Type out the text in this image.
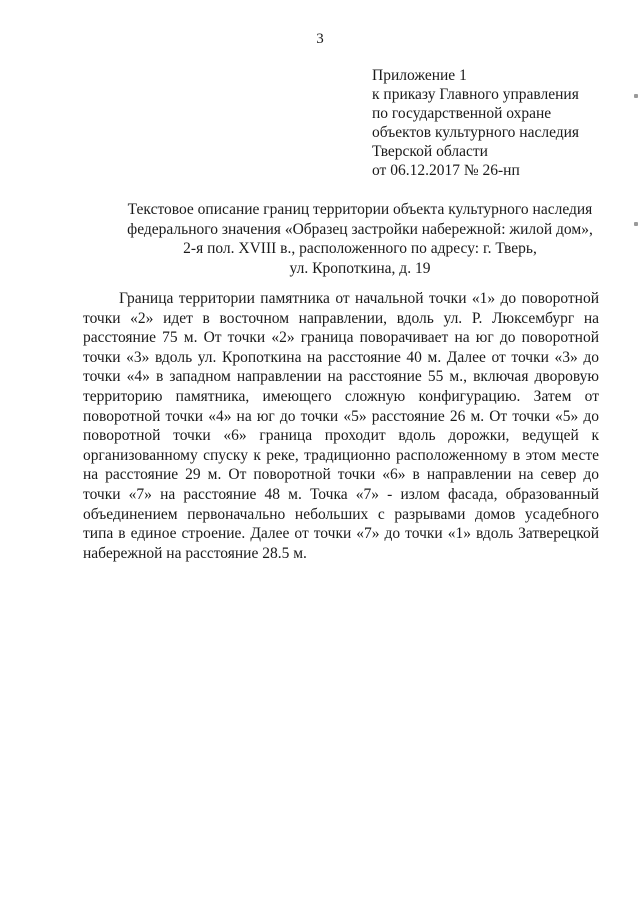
3
Приложение 1
к приказу Главного управления
по государственной охране
объектов культурного наследия
Тверской области
от 06.12.2017 № 26-нп
Текстовое описание границ территории объекта культурного наследия
федерального значения «Образец застройки набережной: жилой дом»,
2-я пол. XVIII в., расположенного по адресу: г. Тверь,
ул. Кропоткина, д. 19
Граница территории памятника от начальной точки «1» до поворотной
точки «2» идет в восточном направлении, вдоль ул. Р. Люксембург на
расстояние 75 м. От точки «2» граница поворачивает на юг до поворотной
точки «3» вдоль ул. Кропоткина на расстояние 40 м. Далее от точки «3» до
точки «4» в западном направлении на расстояние 55 м., включая дворовую
территорию памятника, имеющего сложную конфигурацию. Затем от
поворотной точки «4» на юг до точки «5» расстояние 26 м. От точки «5» до
поворотной точки «6» граница проходит вдоль дорожки, ведущей к
организованному спуску к реке, традиционно расположенному в этом месте
на расстояние 29 м. От поворотной точки «6» в направлении на север до
точки «7» на расстояние 48 м. Точка «7» - излом фасада, образованный
объединением первоначально небольших с разрывами домов усадебного
типа в единое строение. Далее от точки «7» до точки «1» вдоль Затверецкой
набережной на расстояние 28.5 м.
